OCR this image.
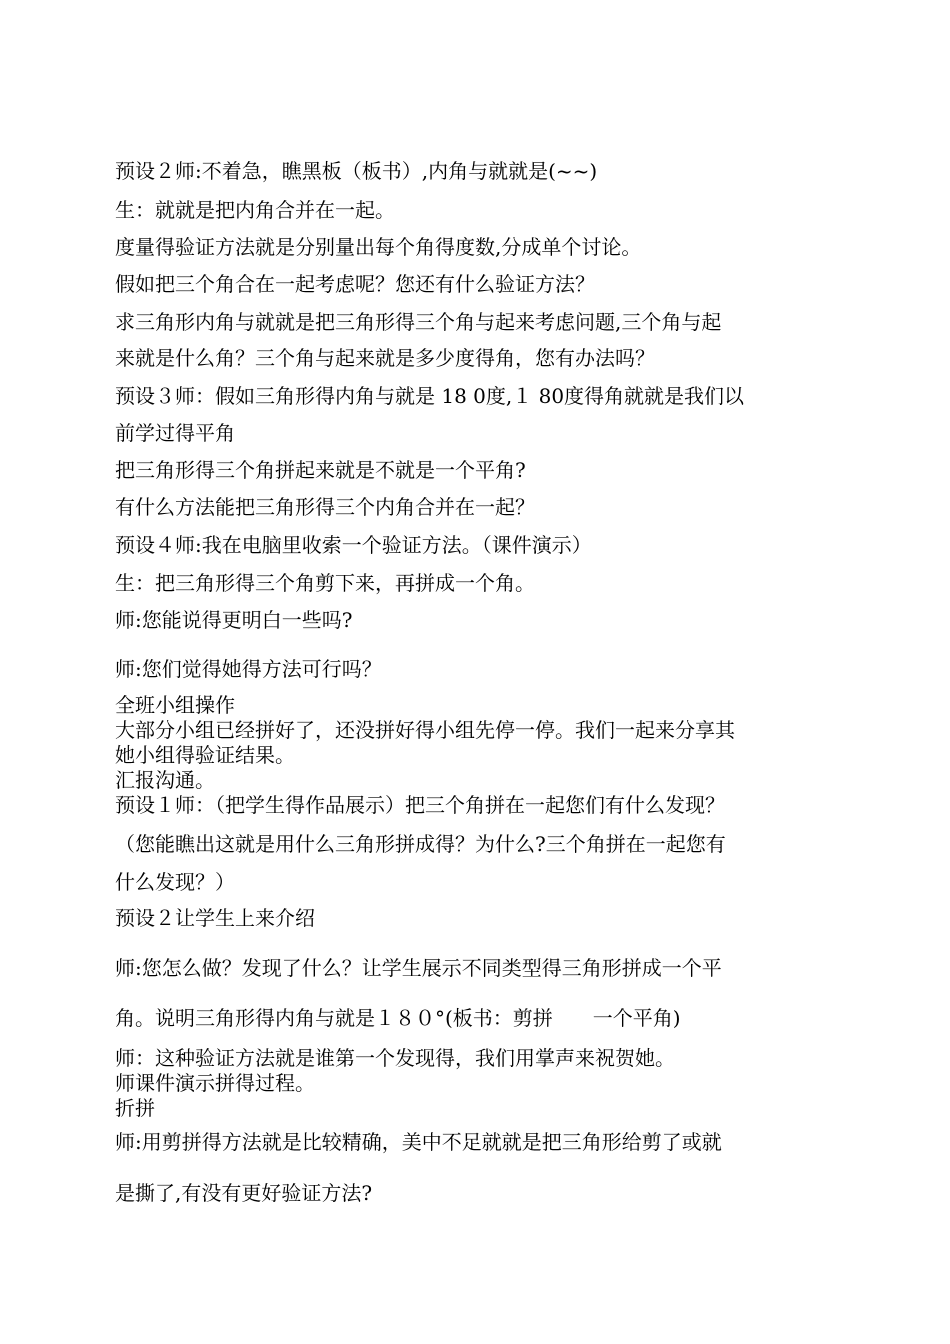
预设２师:不着急，瞧黑板（板书）,内角与就就是(~~)
生：就就是把内角合并在一起。
度量得验证方法就是分别量出每个角得度数,分成单个讨论。
假如把三个角合在一起考虑呢？您还有什么验证方法？
求三角形内角与就就是把三角形得三个角与起来考虑问题,三个角与起
来就是什么角？三个角与起来就是多少度得角，您有办法吗？
预设３师：假如三角形得内角与就是 18 0度,１ 80度得角就就是我们以
前学过得平角
把三角形得三个角拼起来就是不就是一个平角?
有什么方法能把三角形得三个内角合并在一起？
预设４师:我在电脑里收索一个验证方法。（课件演示）
生：把三角形得三个角剪下来，再拼成一个角。
师:您能说得更明白一些吗?
师:您们觉得她得方法可行吗？
全班小组操作
大部分小组已经拼好了，还没拼好得小组先停一停。我们一起来分享其
她小组得验证结果。
汇报沟通。
预设１师：（把学生得作品展示）把三个角拼在一起您们有什么发现？
（您能瞧出这就是用什么三角形拼成得？为什么?三个角拼在一起您有
什么发现？）
预设２让学生上来介绍
师:您怎么做？发现了什么？让学生展示不同类型得三角形拼成一个平
角。说明三角形得内角与就是１８０°(板书：剪拼　　一个平角)
师：这种验证方法就是谁第一个发现得，我们用掌声来祝贺她。
师课件演示拼得过程。
折拼
师:用剪拼得方法就是比较精确，美中不足就就是把三角形给剪了或就
是撕了,有没有更好验证方法?
